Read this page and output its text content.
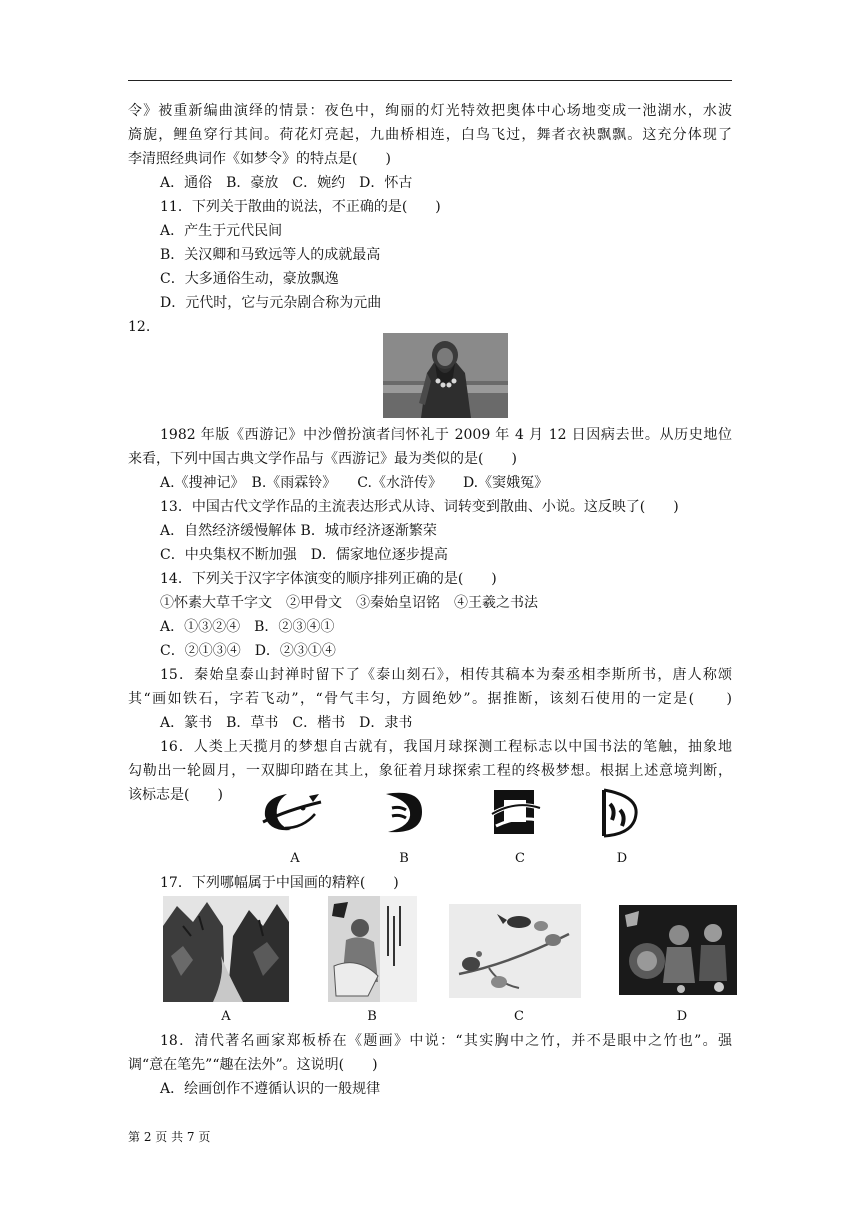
令》被重新编曲演绎的情景：夜色中，绚丽的灯光特效把奥体中心场地变成一池湖水，水波
旖旎，鲤鱼穿行其间。荷花灯亮起，九曲桥相连，白鸟飞过，舞者衣袂飘飘。这充分体现了
李清照经典词作《如梦令》的特点是(　　)
A．通俗　B．豪放　C．婉约　D．怀古
11．下列关于散曲的说法，不正确的是(　　)
A．产生于元代民间
B．关汉卿和马致远等人的成就最高
C．大多通俗生动，豪放飘逸
D．元代时，它与元杂剧合称为元曲
12.
1982 年版《西游记》中沙僧扮演者闫怀礼于 2009 年 4 月 12 日因病去世。从历史地位
来看，下列中国古典文学作品与《西游记》最为类似的是(　　)
A.《搜神记》　B.《雨霖铃》　　C.《水浒传》　　D.《窦娥冤》
13．中国古代文学作品的主流表达形式从诗、词转变到散曲、小说。这反映了(　　)
A．自然经济缓慢解体 B．城市经济逐渐繁荣
C．中央集权不断加强　D．儒家地位逐步提高
14．下列关于汉字字体演变的顺序排列正确的是(　　)
①怀素大草千字文　②甲骨文　③秦始皇诏铭　④王羲之书法
A．①③②④　B．②③④①
C．②①③④　D．②③①④
15．秦始皇泰山封禅时留下了《泰山刻石》，相传其稿本为秦丞相李斯所书，唐人称颂
其“画如铁石，字若飞动”，“骨气丰匀，方圆绝妙”。据推断，该刻石使用的一定是(　　)
A．篆书　B．草书　C．楷书　D．隶书
16．人类上天揽月的梦想自古就有，我国月球探测工程标志以中国书法的笔触，抽象地
勾勒出一轮圆月，一双脚印踏在其上，象征着月球探索工程的终极梦想。根据上述意境判断，
该标志是(　　)
A	B	C	D
17．下列哪幅属于中国画的精粹(　　)
A	B	C	D
18．清代著名画家郑板桥在《题画》中说：“其实胸中之竹，并不是眼中之竹也”。强
调“意在笔先”“趣在法外”。这说明(　　)
A．绘画创作不遵循认识的一般规律
第 2 页 共 7 页
